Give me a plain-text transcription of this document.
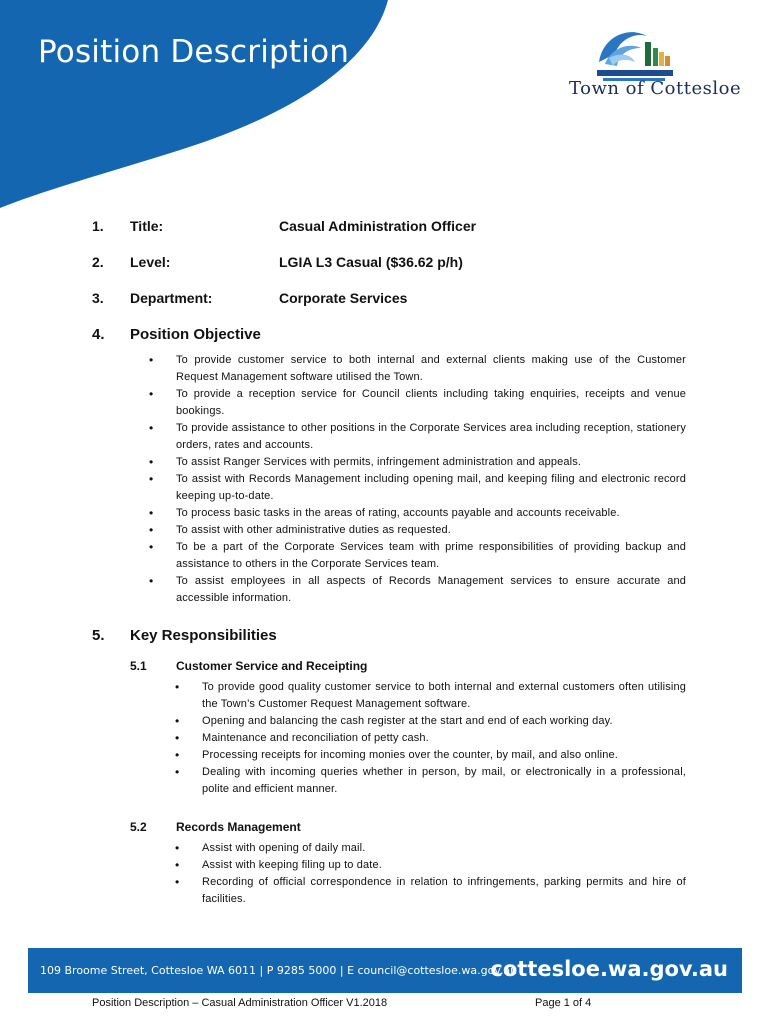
Position Description
Town of Cottesloe
1. Title:	Casual Administration Officer
2. Level:	LGIA L3 Casual ($36.62 p/h)
3. Department:	Corporate Services
4. Position Objective
• To provide customer service to both internal and external clients making use of the Customer Request Management software utilised the Town.
• To provide a reception service for Council clients including taking enquiries, receipts and venue bookings.
• To provide assistance to other positions in the Corporate Services area including reception, stationery orders, rates and accounts.
• To assist Ranger Services with permits, infringement administration and appeals.
• To assist with Records Management including opening mail, and keeping filing and electronic record keeping up-to-date.
• To process basic tasks in the areas of rating, accounts payable and accounts receivable.
• To assist with other administrative duties as requested.
• To be a part of the Corporate Services team with prime responsibilities of providing backup and assistance to others in the Corporate Services team.
• To assist employees in all aspects of Records Management services to ensure accurate and accessible information.
5. Key Responsibilities
5.1 Customer Service and Receipting
• To provide good quality customer service to both internal and external customers often utilising the Town’s Customer Request Management software.
• Opening and balancing the cash register at the start and end of each working day.
• Maintenance and reconciliation of petty cash.
• Processing receipts for incoming monies over the counter, by mail, and also online.
• Dealing with incoming queries whether in person, by mail, or electronically in a professional, polite and efficient manner.
5.2 Records Management
• Assist with opening of daily mail.
• Assist with keeping filing up to date.
• Recording of official correspondence in relation to infringements, parking permits and hire of facilities.
109 Broome Street, Cottesloe WA 6011 | P 9285 5000 | E council@cottesloe.wa.gov.au
cottesloe.wa.gov.au
Position Description – Casual Administration Officer V1.2018	Page 1 of 4
